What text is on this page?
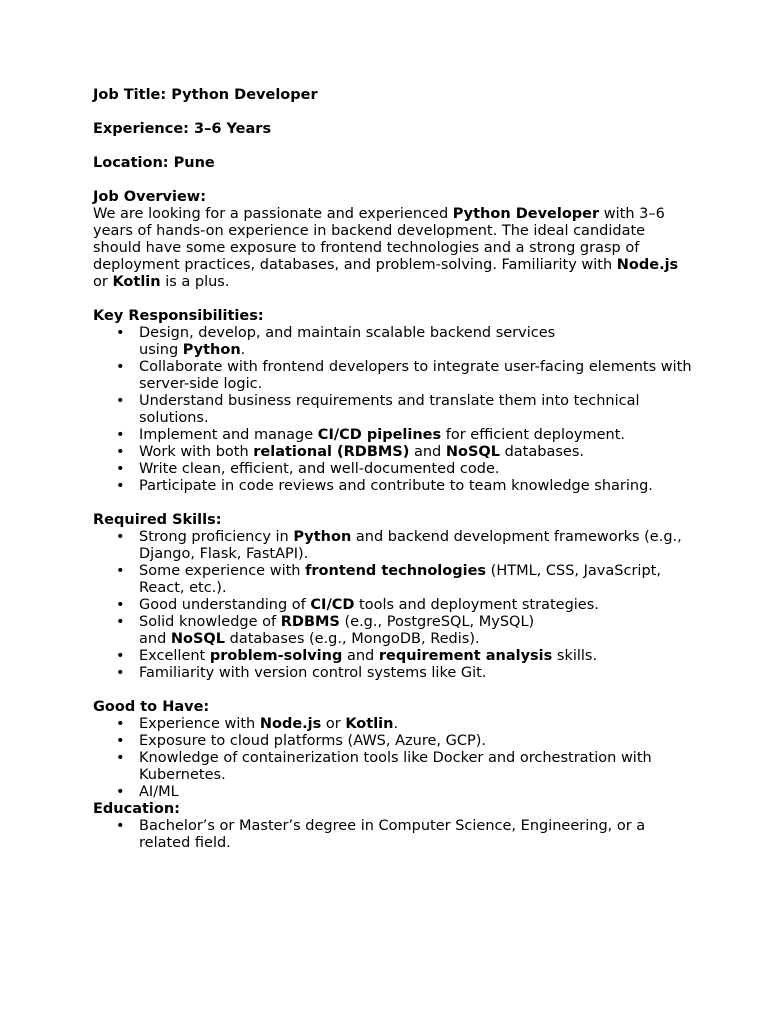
Job Title: Python Developer

Experience: 3–6 Years

Location: Pune

Job Overview:

We are looking for a passionate and experienced Python Developer with 3–6 years of hands-on experience in backend development. The ideal candidate should have some exposure to frontend technologies and a strong grasp of deployment practices, databases, and problem-solving. Familiarity with Node.js or Kotlin is a plus.

Key Responsibilities:

• Design, develop, and maintain scalable backend services
using Python.
• Collaborate with frontend developers to integrate user-facing elements with server-side logic.
• Understand business requirements and translate them into technical solutions.
• Implement and manage CI/CD pipelines for efficient deployment.
• Work with both relational (RDBMS) and NoSQL databases.
• Write clean, efficient, and well-documented code.
• Participate in code reviews and contribute to team knowledge sharing.

Required Skills:

• Strong proficiency in Python and backend development frameworks (e.g., Django, Flask, FastAPI).
• Some experience with frontend technologies (HTML, CSS, JavaScript, React, etc.).
• Good understanding of CI/CD tools and deployment strategies.
• Solid knowledge of RDBMS (e.g., PostgreSQL, MySQL)
and NoSQL databases (e.g., MongoDB, Redis).
• Excellent problem-solving and requirement analysis skills.
• Familiarity with version control systems like Git.

Good to Have:

• Experience with Node.js or Kotlin.
• Exposure to cloud platforms (AWS, Azure, GCP).
• Knowledge of containerization tools like Docker and orchestration with Kubernetes.
• AI/ML

Education:

• Bachelor’s or Master’s degree in Computer Science, Engineering, or a related field.
